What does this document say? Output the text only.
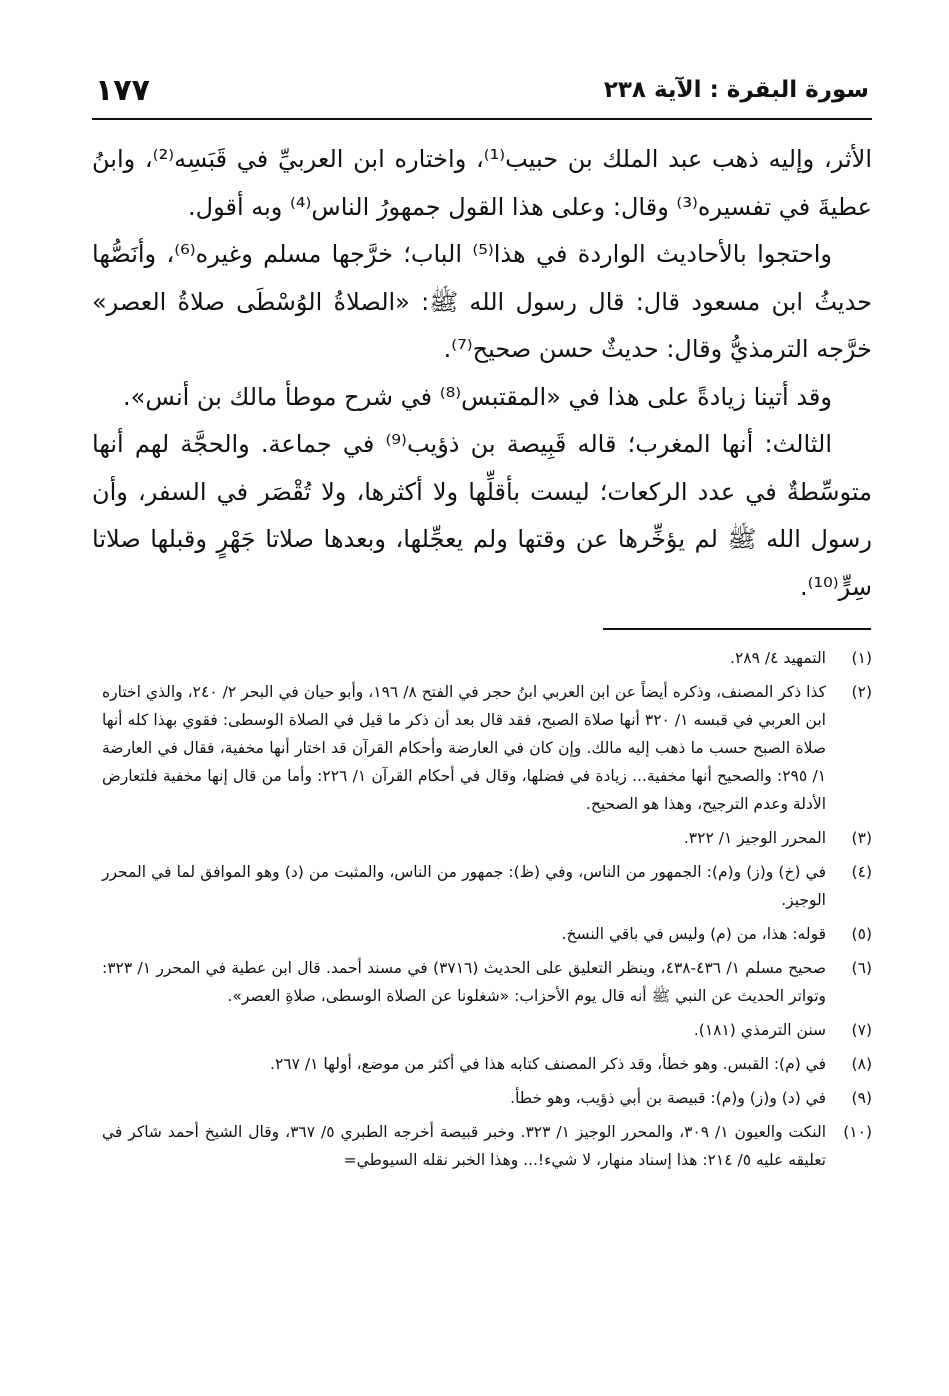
١٧٧	سورة البقرة : الآية ٢٣٨

الأثر، وإليه ذهب عبد الملك بن حبيب⁽¹⁾، واختاره ابن العربيِّ في قَبَسِه⁽²⁾، وابنُ عطيةَ في تفسيره⁽³⁾ وقال: وعلى هذا القول جمهورُ الناس⁽⁴⁾ وبه أقول.

واحتجوا بالأحاديث الواردة في هذا⁽⁵⁾ الباب؛ خرَّجها مسلم وغيره⁽⁶⁾، وأنَصُّها حديثُ ابن مسعود قال: قال رسول الله ﷺ: «الصلاةُ الوُسْطَى صلاةُ العصر» خرَّجه الترمذيُّ وقال: حديثٌ حسن صحيح⁽⁷⁾.

وقد أتينا زيادةً على هذا في «المقتبس⁽⁸⁾ في شرح موطأ مالك بن أنس».

الثالث: أنها المغرب؛ قاله قَبِيصة بن ذؤيب⁽⁹⁾ في جماعة. والحجَّة لهم أنها متوسِّطةٌ في عدد الركعات؛ ليست بأقلِّها ولا أكثرها، ولا تُقْصَر في السفر، وأن رسول الله ﷺ لم يؤخِّرها عن وقتها ولم يعجِّلها، وبعدها صلاتا جَهْرٍ وقبلها صلاتا سِرٍّ⁽¹⁰⁾.

(١)
التمهيد ٤/ ٢٨٩.
(٢)
كذا ذكر المصنف، وذكره أيضاً عن ابن العربي ابنُ حجر في الفتح ٨/ ١٩٦، وأبو حيان في البحر ٢/ ٢٤٠، والذي اختاره ابن العربي في قبسه ١/ ٣٢٠ أنها صلاة الصبح، فقد قال بعد أن ذكر ما قيل في الصلاة الوسطى: فقوي بهذا كله أنها صلاة الصبح حسب ما ذهب إليه مالك. وإن كان في العارضة وأحكام القرآن قد اختار أنها مخفية، فقال في العارضة ١/ ٢٩٥: والصحيح أنها مخفية... زيادة في فضلها، وقال في أحكام القرآن ١/ ٢٢٦: وأما من قال إنها مخفية فلتعارض الأدلة وعدم الترجيح، وهذا هو الصحيح.
(٣)
المحرر الوجيز ١/ ٣٢٢.
(٤)
في (خ) و(ز) و(م): الجمهور من الناس، وفي (ظ): جمهور من الناس، والمثبت من (د) وهو الموافق لما في المحرر الوجيز.
(٥)
قوله: هذا، من (م) وليس في باقي النسخ.
(٦)
صحيح مسلم ١/ ٤٣٦-٤٣٨، وينظر التعليق على الحديث (٣٧١٦) في مسند أحمد. قال ابن عطية في المحرر ١/ ٣٢٣: وتواتر الحديث عن النبي ﷺ أنه قال يوم الأحزاب: «شغلونا عن الصلاة الوسطى، صلاةِ العصر».
(٧)
سنن الترمذي (١٨١).
(٨)
في (م): القبس. وهو خطأ، وقد ذكر المصنف كتابه هذا في أكثر من موضع، أولها ١/ ٢٦٧.
(٩)
في (د) و(ز) و(م): قبيصة بن أبي ذؤيب، وهو خطأ.
(١٠)
النكت والعيون ١/ ٣٠٩، والمحرر الوجيز ١/ ٣٢٣. وخبر قبيصة أخرجه الطبري ٥/ ٣٦٧، وقال الشيخ أحمد شاكر في تعليقه عليه ٥/ ٢١٤: هذا إسناد منهار، لا شيء!... وهذا الخبر نقله السيوطي=
